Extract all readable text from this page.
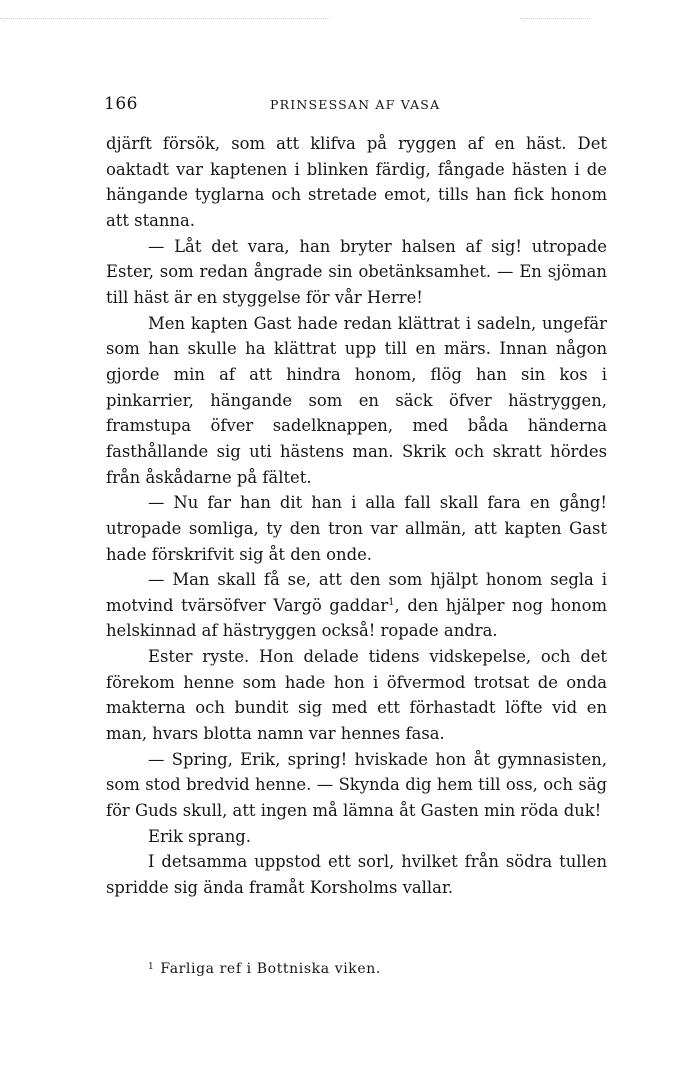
166	PRINSESSAN AF VASA

djärft försök, som att klifva på ryggen af en häst. Det oaktadt var kaptenen i blinken färdig, fångade hästen i de hängande tyglarna och stretade emot, tills han fick honom att stanna.

— Låt det vara, han bryter halsen af sig! utropade Ester, som redan ångrade sin obetänksamhet. — En sjöman till häst är en styggelse för vår Herre!

Men kapten Gast hade redan klättrat i sadeln, ungefär som han skulle ha klättrat upp till en märs. Innan någon gjorde min af att hindra honom, flög han sin kos i pinkarrier, hängande som en säck öfver hästryggen, framstupa öfver sadelknappen, med båda händerna fasthållande sig uti hästens man. Skrik och skratt hördes från åskådarne på fältet.

— Nu far han dit han i alla fall skall fara en gång! utropade somliga, ty den tron var allmän, att kapten Gast hade förskrifvit sig åt den onde.

— Man skall få se, att den som hjälpt honom segla i motvind tvärsöfver Vargö gaddar$^1$, den hjälper nog honom helskinnad af hästryggen också! ropade andra.

Ester ryste. Hon delade tidens vidskepelse, och det förekom henne som hade hon i öfvermod trotsat de onda makterna och bundit sig med ett förhastadt löfte vid en man, hvars blotta namn var hennes fasa.

— Spring, Erik, spring! hviskade hon åt gymnasisten, som stod bredvid henne. — Skynda dig hem till oss, och säg för Guds skull, att ingen må lämna åt Gasten min röda duk!

Erik sprang.

I detsamma uppstod ett sorl, hvilket från södra tullen spridde sig ända framåt Korsholms vallar.

$^1$ Farliga ref i Bottniska viken.
